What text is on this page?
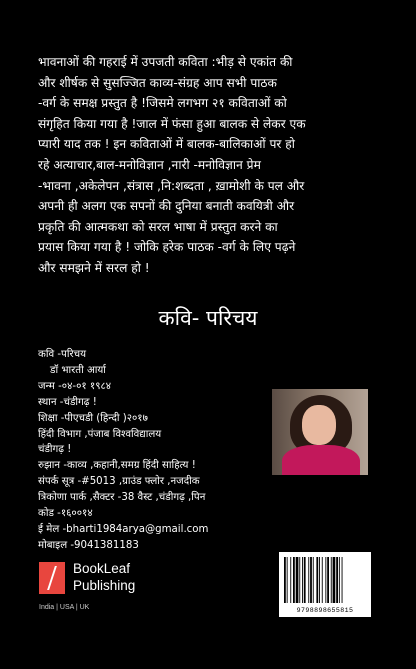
भावनाओं की गहराई में उपजती कविता :भीड़ से एकांत की
और शीर्षक से सुसज्जित काव्य-संग्रह आप सभी पाठक
-वर्ग के समक्ष प्रस्तुत है !जिसमे लगभग २१ कविताओं को
संगृहित किया गया है !जाल में फंसा हुआ बालक से लेकर एक
प्यारी याद तक ! इन कविताओं में बालक-बालिकाओं पर हो
रहे अत्याचार,बाल-मनोविज्ञान ,नारी -मनोविज्ञान प्रेम
-भावना ,अकेलेपन ,संत्रास ,नि:शब्दता , ख़ामोशी के पल और
अपनी ही अलग एक सपनों की दुनिया बनाती कवयित्री और
प्रकृति की आत्मकथा को सरल भाषा में प्रस्तुत करने का
प्रयास किया गया है ! जोकि हरेक पाठक -वर्ग के लिए पढ़ने
और समझने में सरल हो !
कवि- परिचय
कवि -परिचय
डॉ भारती आर्या
जन्म -०४-०१ १९८४
स्थान -चंडीगढ़ !
शिक्षा -पीएचडी (हिन्दी )२०१७
हिंदी विभाग ,पंजाब विश्वविद्यालय
चंडीगढ़ !
रुझान -काव्य ,कहानी,समग्र हिंदी साहित्य !
संपर्क सूत्र -#5013 ,ग्राउंड फ्लोर ,नजदीक
त्रिकोणा पार्क ,सैक्टर -38 वैस्ट ,चंडीगढ़ ,पिन
कोड -१६००१४
ई मेल -bharti1984arya@gmail.com
मोबाइल -9041381183
BookLeaf
Publishing
India | USA | UK	9798898655815
